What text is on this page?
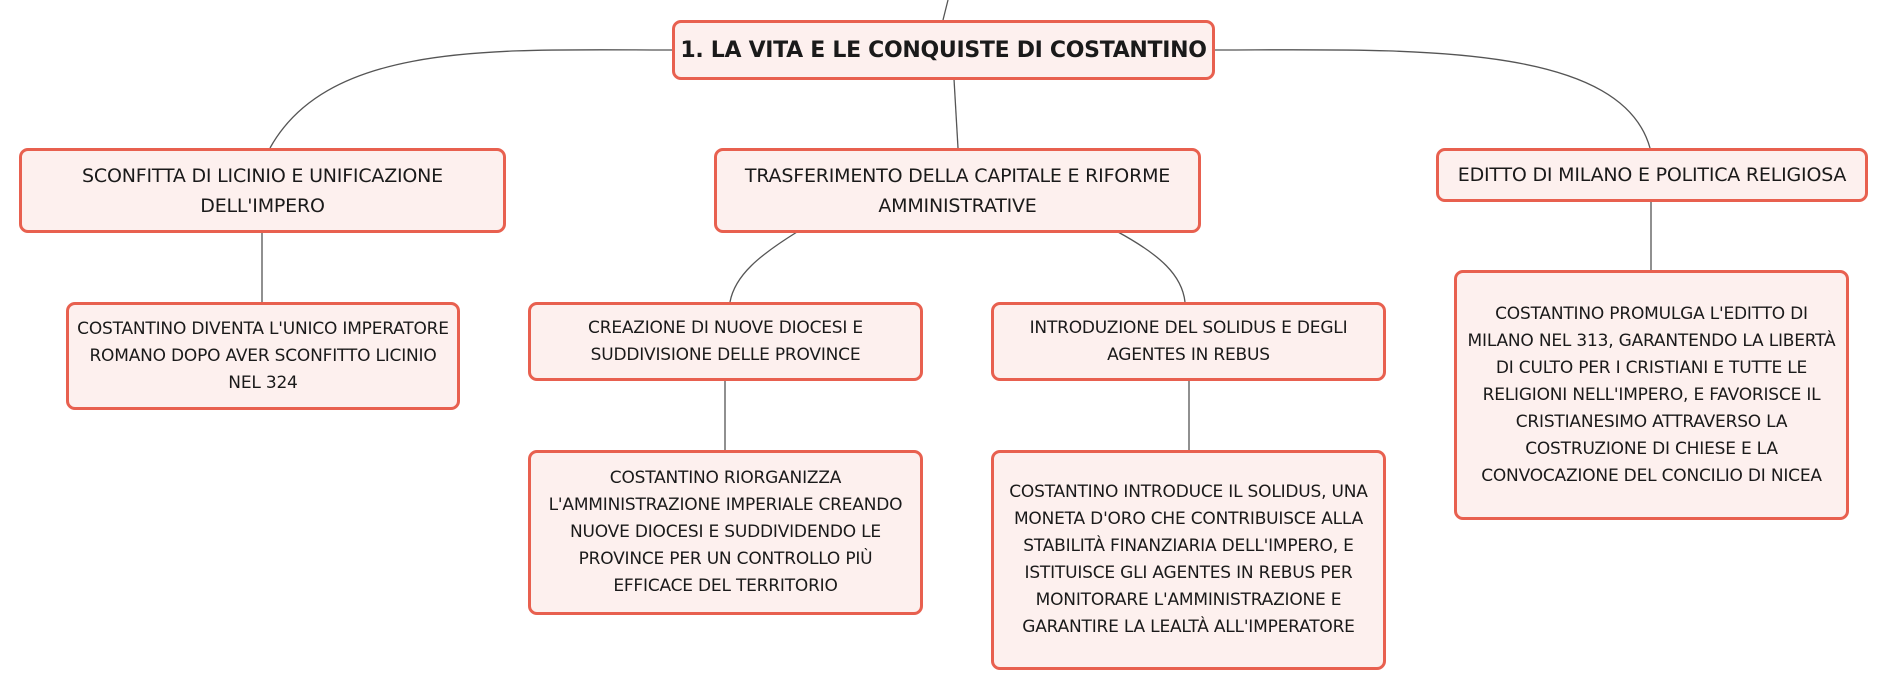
1. LA VITA E LE CONQUISTE DI COSTANTINO
SCONFITTA DI LICINIO E UNIFICAZIONE DELL'IMPERO
TRASFERIMENTO DELLA CAPITALE E RIFORME AMMINISTRATIVE
EDITTO DI MILANO E POLITICA RELIGIOSA
COSTANTINO DIVENTA L'UNICO IMPERATORE ROMANO DOPO AVER SCONFITTO LICINIO NEL 324
CREAZIONE DI NUOVE DIOCESI E SUDDIVISIONE DELLE PROVINCE
INTRODUZIONE DEL SOLIDUS E DEGLI AGENTES IN REBUS
COSTANTINO RIORGANIZZA L'AMMINISTRAZIONE IMPERIALE CREANDO NUOVE DIOCESI E SUDDIVIDENDO LE PROVINCE PER UN CONTROLLO PIÙ EFFICACE DEL TERRITORIO
COSTANTINO INTRODUCE IL SOLIDUS, UNA MONETA D'ORO CHE CONTRIBUISCE ALLA STABILITÀ FINANZIARIA DELL'IMPERO, E ISTITUISCE GLI AGENTES IN REBUS PER MONITORARE L'AMMINISTRAZIONE E GARANTIRE LA LEALTÀ ALL'IMPERATORE
COSTANTINO PROMULGA L'EDITTO DI MILANO NEL 313, GARANTENDO LA LIBERTÀ DI CULTO PER I CRISTIANI E TUTTE LE RELIGIONI NELL'IMPERO, E FAVORISCE IL CRISTIANESIMO ATTRAVERSO LA COSTRUZIONE DI CHIESE E LA CONVOCAZIONE DEL CONCILIO DI NICEA
